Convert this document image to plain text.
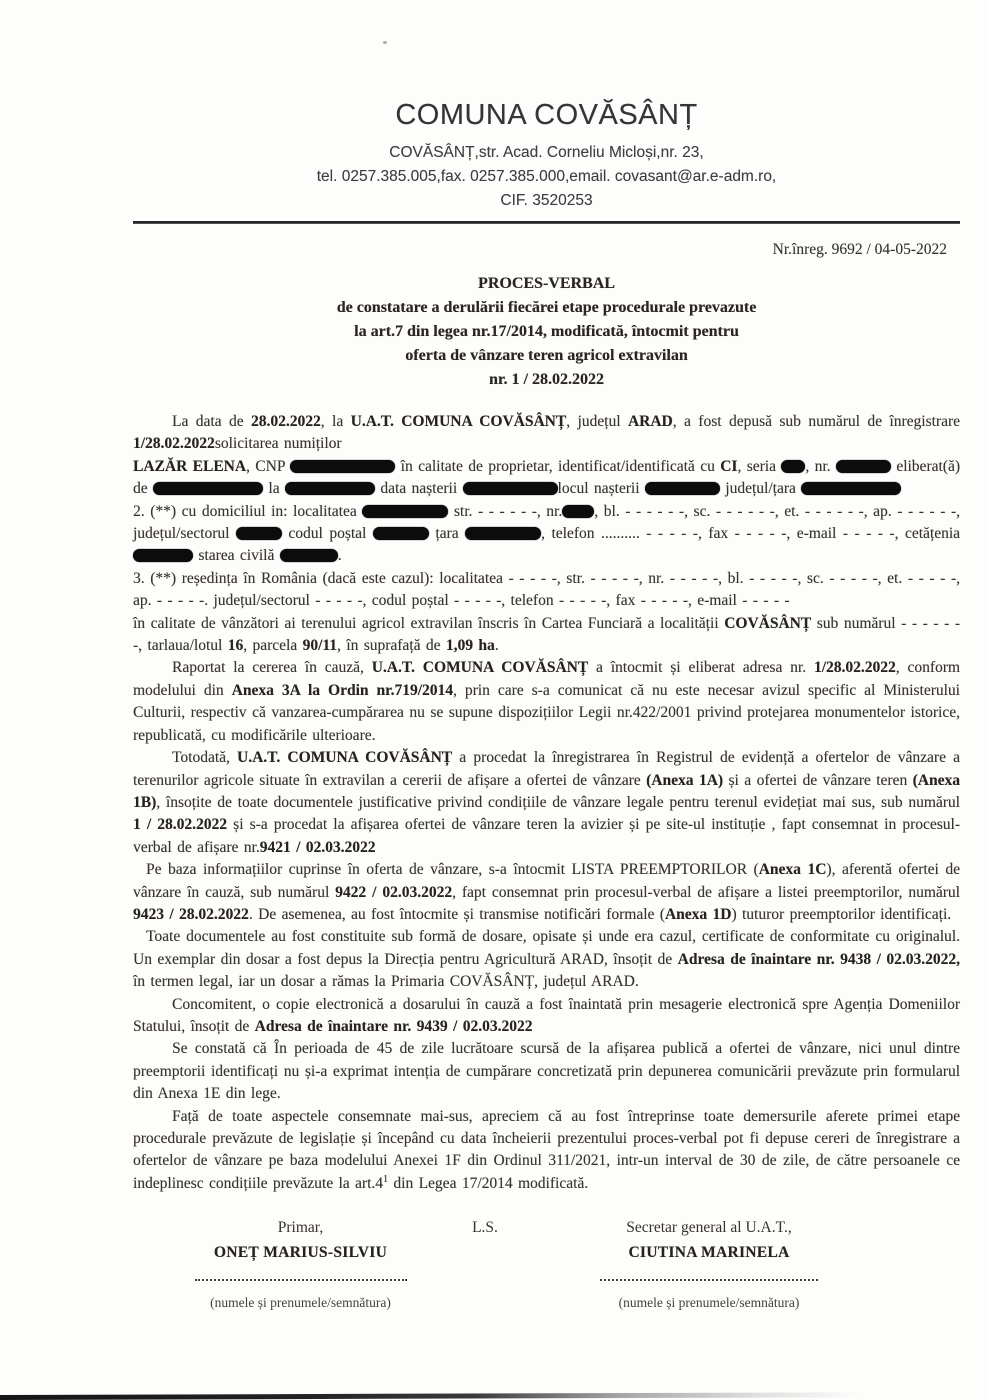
COMUNA COVĂSÂNȚ
COVĂSÂNȚ,str. Acad. Corneliu Micloși,nr. 23,
tel. 0257.385.005,fax. 0257.385.000,email. covasant@ar.e-adm.ro,
CIF. 3520253
Nr.înreg. 9692 / 04-05-2022
PROCES-VERBAL
de constatare a derulării fiecărei etape procedurale prevazute
la art.7 din legea nr.17/2014, modificată, întocmit pentru
oferta de vânzare teren agricol extravilan
nr. 1 / 28.02.2022

La data de 28.02.2022, la U.A.T. COMUNA COVĂSÂNȚ, județul ARAD, a fost depusă sub numărul de înregistrare 1/28.02.2022solicitarea numiților

LAZĂR ELENA, CNP	în calitate de proprietar, identificat/identificată cu CI, seria , nr.	eliberat(ă) de	la	data nașterii	locul nașterii	județul/țara

2. (**) cu domiciliul in: localitatea	str. - - - - - -, nr. , bl. - - - - - -, sc. - - - - - -, et. - - - - - -, ap. - - - - - -, județul/sectorul	codul poștal	țara	, telefon .......... - - - - -, fax - - - - -, e-mail - - - - -, cetățenia  starea civilă	.

3. (**) reședința în România (dacă este cazul): localitatea - - - - -, str. - - - - -, nr. - - - - -, bl. - - - - -, sc. - - - - -, et. - - - - -, ap. - - - - -. județul/sectorul - - - - -, codul poștal - - - - -, telefon - - - - -, fax - - - - -, e-mail - - - - -

în calitate de vânzători ai terenului agricol extravilan înscris în Cartea Funciară a localității COVĂSÂNȚ sub numărul - - - - - - -, tarlaua/lotul 16, parcela 90/11, în suprafață de 1,09 ha.

Raportat la cererea în cauză, U.A.T. COMUNA COVĂSÂNȚ a întocmit și eliberat adresa nr. 1/28.02.2022, conform modelului din Anexa 3A la Ordin nr.719/2014, prin care s-a comunicat că nu este necesar avizul specific al Ministerului Culturii, respectiv că vanzarea-cumpărarea nu se supune dispozițiilor Legii nr.422/2001 privind protejarea monumentelor istorice, republicată, cu modificările ulterioare.

Totodată, U.A.T. COMUNA COVĂSÂNȚ a procedat la înregistrarea în Registrul de evidență a ofertelor de vânzare a terenurilor agricole situate în extravilan a cererii de afișare a ofertei de vânzare (Anexa 1A) și a ofertei de vânzare teren (Anexa 1B), însoțite de toate documentele justificative privind condițiile de vânzare legale pentru terenul evidețiat mai sus, sub numărul 1 / 28.02.2022 și s-a procedat la afișarea ofertei de vânzare teren la avizier și pe site-ul instituție , fapt consemnat in procesul-verbal de afișare nr.9421 / 02.03.2022

Pe baza informațiilor cuprinse în oferta de vânzare, s-a întocmit LISTA PREEMPTORILOR (Anexa 1C), aferentă ofertei de vânzare în cauză, sub numărul 9422 / 02.03.2022, fapt consemnat prin procesul-verbal de afișare a listei preemptorilor, numărul 9423 / 28.02.2022. De asemenea, au fost întocmite și transmise notificări formale (Anexa 1D) tuturor preemptorilor identificați.

Toate documentele au fost constituite sub formă de dosare, opisate și unde era cazul, certificate de conformitate cu originalul. Un exemplar din dosar a fost depus la Direcția pentru Agricultură ARAD, însoțit de Adresa de înaintare nr. 9438 / 02.03.2022, în termen legal, iar un dosar a rămas la Primaria COVĂSÂNȚ, județul ARAD.

Concomitent, o copie electronică a dosarului în cauză a fost înaintată prin mesagerie electronică spre Agenția Domeniilor Statului, însoțit de Adresa de înaintare nr. 9439 / 02.03.2022

Se constată că În perioada de 45 de zile lucrătoare scursă de la afișarea publică a ofertei de vânzare, nici unul dintre preemptorii identificați nu și-a exprimat intenția de cumpărare concretizată prin depunerea comunicării prevăzute prin formularul din Anexa 1E din lege.

Față de toate aspectele consemnate mai-sus, apreciem că au fost întreprinse toate demersurile aferete primei etape procedurale prevăzute de legislație și începând cu data încheierii prezentului proces-verbal pot fi depuse cereri de înregistrare a ofertelor de vânzare pe baza modelului Anexei 1F din Ordinul 311/2021, intr-un interval de 30 de zile, de către persoanele ce indeplinesc condițiile prevăzute la $art.4^1$ din Legea 17/2014 modificată.

Primar,
ONEȚ MARIUS-SILVIU
L.S.	Secretar general al U.A.T.,
CIUTINA MARINELA
(numele și prenumele/semnătura)	(numele și prenumele/semnătura)
